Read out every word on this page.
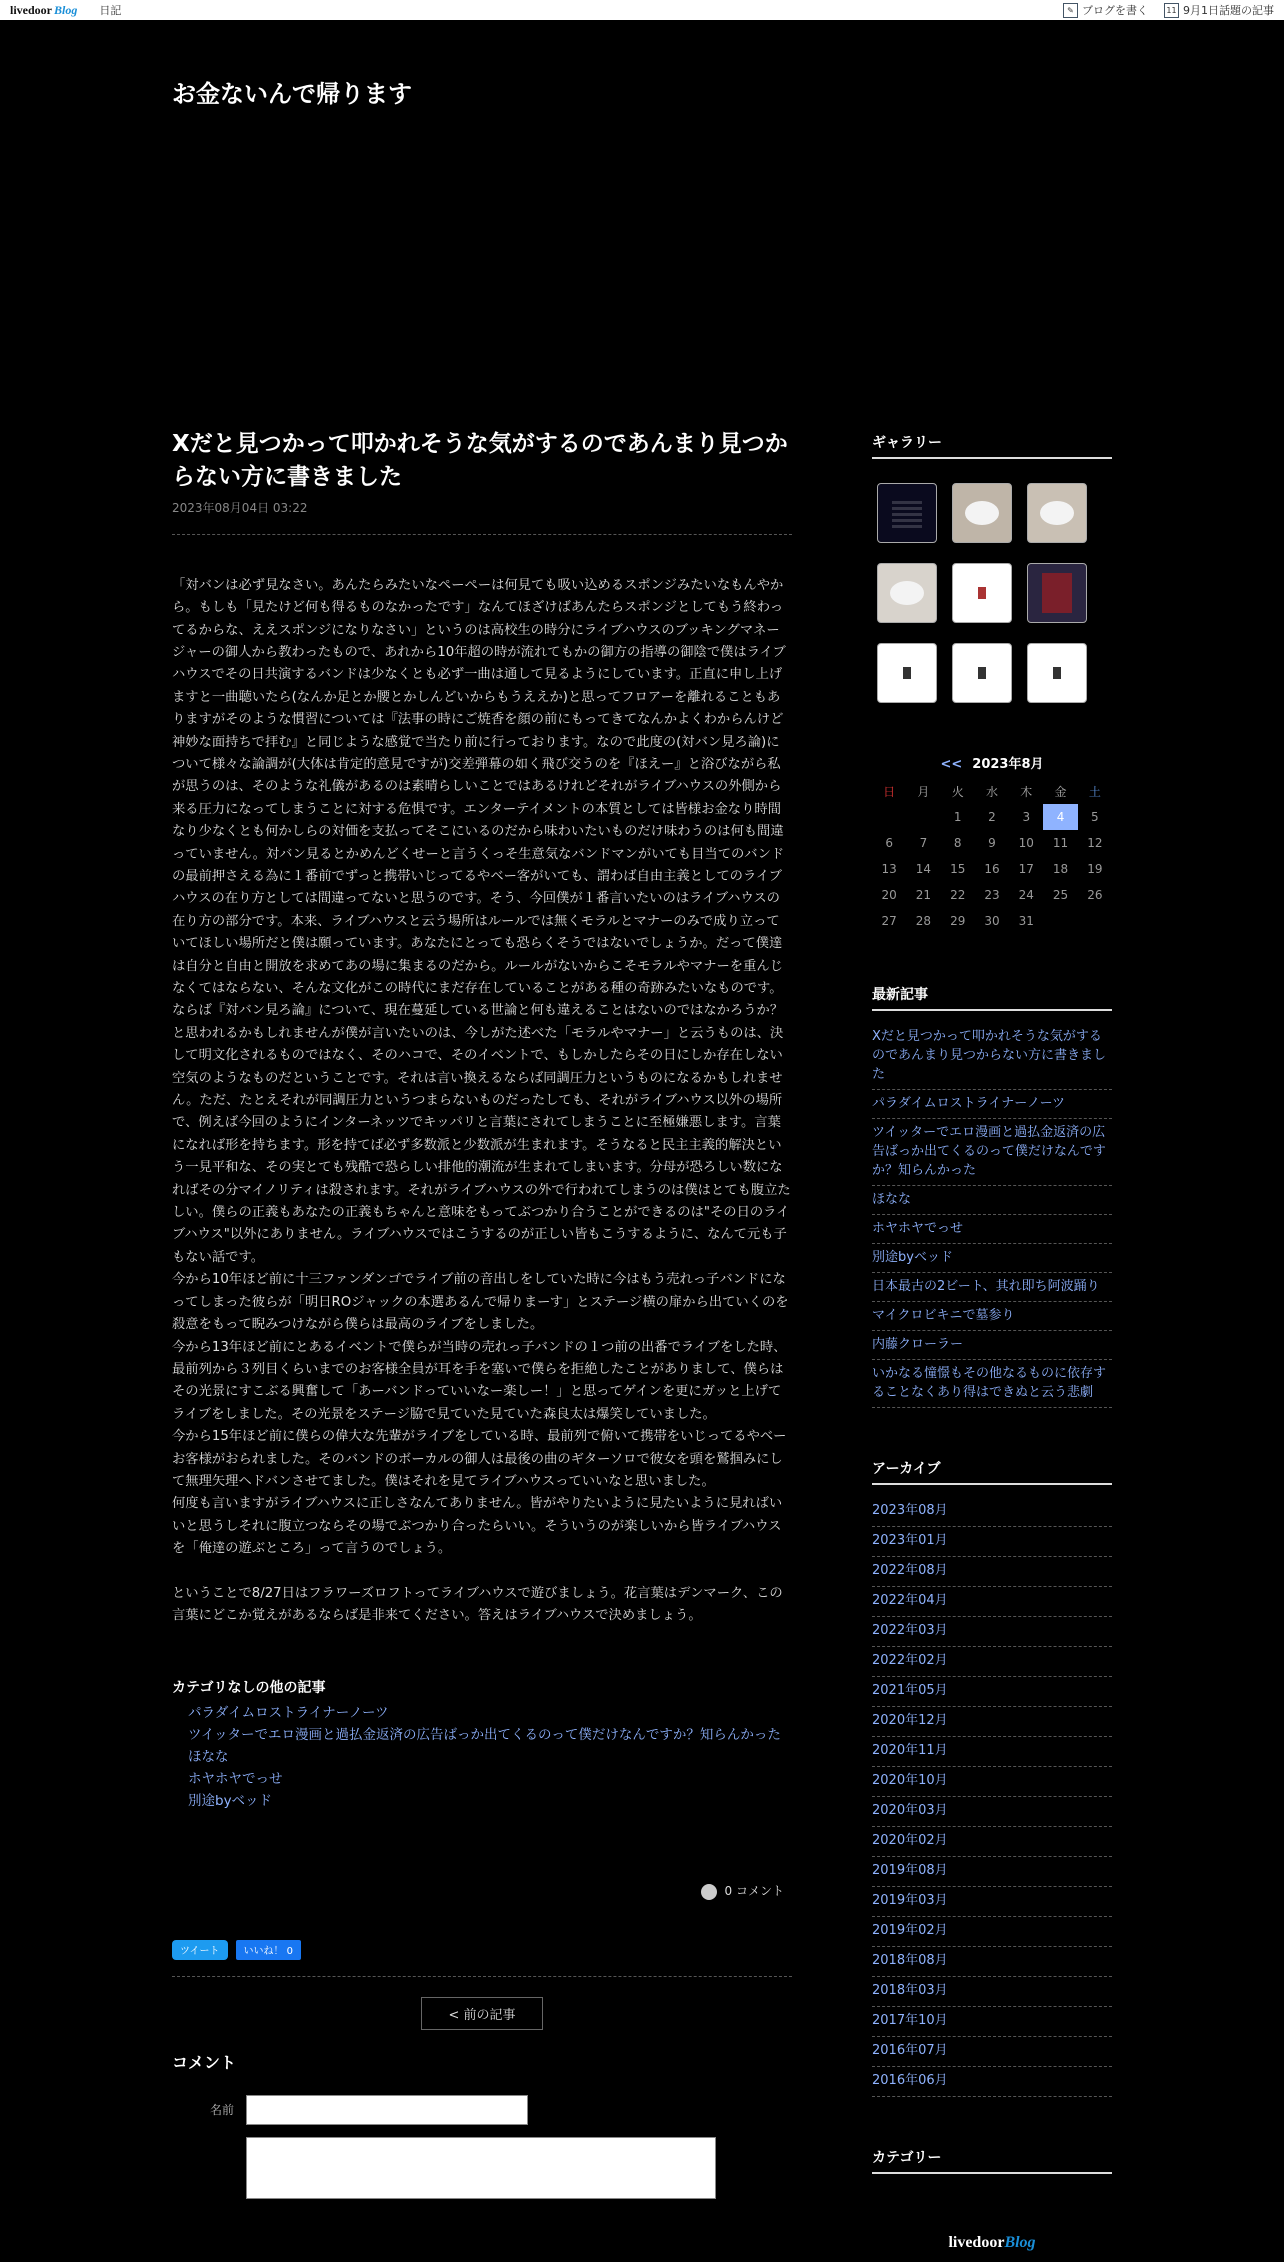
livedoor Blog 日記	✎ ブログを書く	11 9月1日話題の記事
お金ないんで帰ります
Xだと見つかって叩かれそうな気がするのであんまり見つからない方に書きました
2023年08月04日 03:22

「対バンは必ず見なさい。あんたらみたいなペーペーは何見ても吸い込めるスポンジみたいなもんやから。もしも「見たけど何も得るものなかったです」なんてほざけばあんたらスポンジとしてもう終わってるからな、ええスポンジになりなさい」というのは高校生の時分にライブハウスのブッキングマネージャーの御人から教わったもので、あれから10年超の時が流れてもかの御方の指導の御陰で僕はライブハウスでその日共演するバンドは少なくとも必ず一曲は通して見るようにしています。正直に申し上げますと一曲聴いたら(なんか足とか腰とかしんどいからもうええか)と思ってフロアーを離れることもありますがそのような慣習については『法事の時にご焼香を顔の前にもってきてなんかよくわからんけど神妙な面持ちで拝む』と同じような感覚で当たり前に行っております。なので此度の(対バン見ろ論)について様々な論調が(大体は肯定的意見ですが)交差弾幕の如く飛び交うのを『ほえー』と浴びながら私が思うのは、そのような礼儀があるのは素晴らしいことではあるけれどそれがライブハウスの外側から来る圧力になってしまうことに対する危惧です。エンターテイメントの本質としては皆様お金なり時間なり少なくとも何かしらの対価を支払ってそこにいるのだから味わいたいものだけ味わうのは何も間違っていません。対バン見るとかめんどくせーと言うくっそ生意気なバンドマンがいても目当てのバンドの最前押さえる為に１番前でずっと携帯いじってるやベー客がいても、謂わば自由主義としてのライブハウスの在り方としては間違ってないと思うのです。そう、今回僕が１番言いたいのはライブハウスの在り方の部分です。本来、ライブハウスと云う場所はルールでは無くモラルとマナーのみで成り立っていてほしい場所だと僕は願っています。あなたにとっても恐らくそうではないでしょうか。だって僕達は自分と自由と開放を求めてあの場に集まるのだから。ルールがないからこそモラルやマナーを重んじなくてはならない、そんな文化がこの時代にまだ存在していることがある種の奇跡みたいなものです。

ならば『対バン見ろ論』について、現在蔓延している世論と何も違えることはないのではなかろうか？と思われるかもしれませんが僕が言いたいのは、今しがた述べた「モラルやマナー」と云うものは、決して明文化されるものではなく、そのハコで、そのイベントで、もしかしたらその日にしか存在しない空気のようなものだということです。それは言い換えるならば同調圧力というものになるかもしれません。ただ、たとえそれが同調圧力というつまらないものだったしても、それがライブハウス以外の場所で、例えば今回のようにインターネッツでキッパリと言葉にされてしまうことに至極嫌悪します。言葉になれば形を持ちます。形を持てば必ず多数派と少数派が生まれます。そうなると民主主義的解決という一見平和な、その実とても残酷で恐らしい排他的潮流が生まれてしまいます。分母が恐ろしい数になればその分マイノリティは殺されます。それがライブハウスの外で行われてしまうのは僕はとても腹立たしい。僕らの正義もあなたの正義もちゃんと意味をもってぶつかり合うことができるのは"その日のライブハウス"以外にありません。ライブハウスではこうするのが正しい皆もこうするように、なんて元も子もない話です。

今から10年ほど前に十三ファンダンゴでライブ前の音出しをしていた時に今はもう売れっ子バンドになってしまった彼らが「明日ROジャックの本選あるんで帰りまーす」とステージ横の扉から出ていくのを殺意をもって睨みつけながら僕らは最高のライブをしました。

今から13年ほど前にとあるイベントで僕らが当時の売れっ子バンドの１つ前の出番でライブをした時、最前列から３列目くらいまでのお客様全員が耳を手を塞いで僕らを拒絶したことがありまして、僕らはその光景にすこぶる興奮して「あーバンドっていいなー楽しー！」と思ってゲインを更にガッと上げてライブをしました。その光景をステージ脇で見ていた見ていた森良太は爆笑していました。

今から15年ほど前に僕らの偉大な先輩がライブをしている時、最前列で俯いて携帯をいじってるやベーお客様がおられました。そのバンドのボーカルの御人は最後の曲のギターソロで彼女を頭を鷲掴みにして無理矢理ヘドバンさせてました。僕はそれを見てライブハウスっていいなと思いました。

何度も言いますがライブハウスに正しさなんてありません。皆がやりたいように見たいように見ればいいと思うしそれに腹立つならその場でぶつかり合ったらいい。そういうのが楽しいから皆ライブハウスを「俺達の遊ぶところ」って言うのでしょう。

ということで8/27日はフラワーズロフトってライブハウスで遊びましょう。花言葉はデンマーク、この言葉にどこか覚えがあるならば是非来てください。答えはライブハウスで決めましょう。

カテゴリなしの他の記事
パラダイムロストライナーノーツ
ツイッターでエロ漫画と過払金返済の広告ばっか出てくるのって僕だけなんですか？知らんかった
ほなな
ホヤホヤでっせ
別途byベッド
0 コメント
ツイート	いいね！ 0
< 前の記事
コメント
名前
ギャラリー
<< 2023年8月
日	月	火	水	木	金	土
		1	2	3	4	5
6	7	8	9	10	11	12
13	14	15	16	17	18	19
20	21	22	23	24	25	26
27	28	29	30	31		
最新記事
Xだと見つかって叩かれそうな気がするのであんまり見つからない方に書きました
パラダイムロストライナーノーツ
ツイッターでエロ漫画と過払金返済の広告ばっか出てくるのって僕だけなんですか？知らんかった
ほなな
ホヤホヤでっせ
別途byベッド
日本最古の2ビート、其れ即ち阿波踊り
マイクロビキニで墓参り
内藤クローラー
いかなる憧憬もその他なるものに依存することなくあり得はできぬと云う悲劇
アーカイブ
2023年08月
2023年01月
2022年08月
2022年04月
2022年03月
2022年02月
2021年05月
2020年12月
2020年11月
2020年10月
2020年03月
2020年02月
2019年08月
2019年03月
2019年02月
2018年08月
2018年03月
2017年10月
2016年07月
2016年06月
カテゴリー
livedoorBlog
